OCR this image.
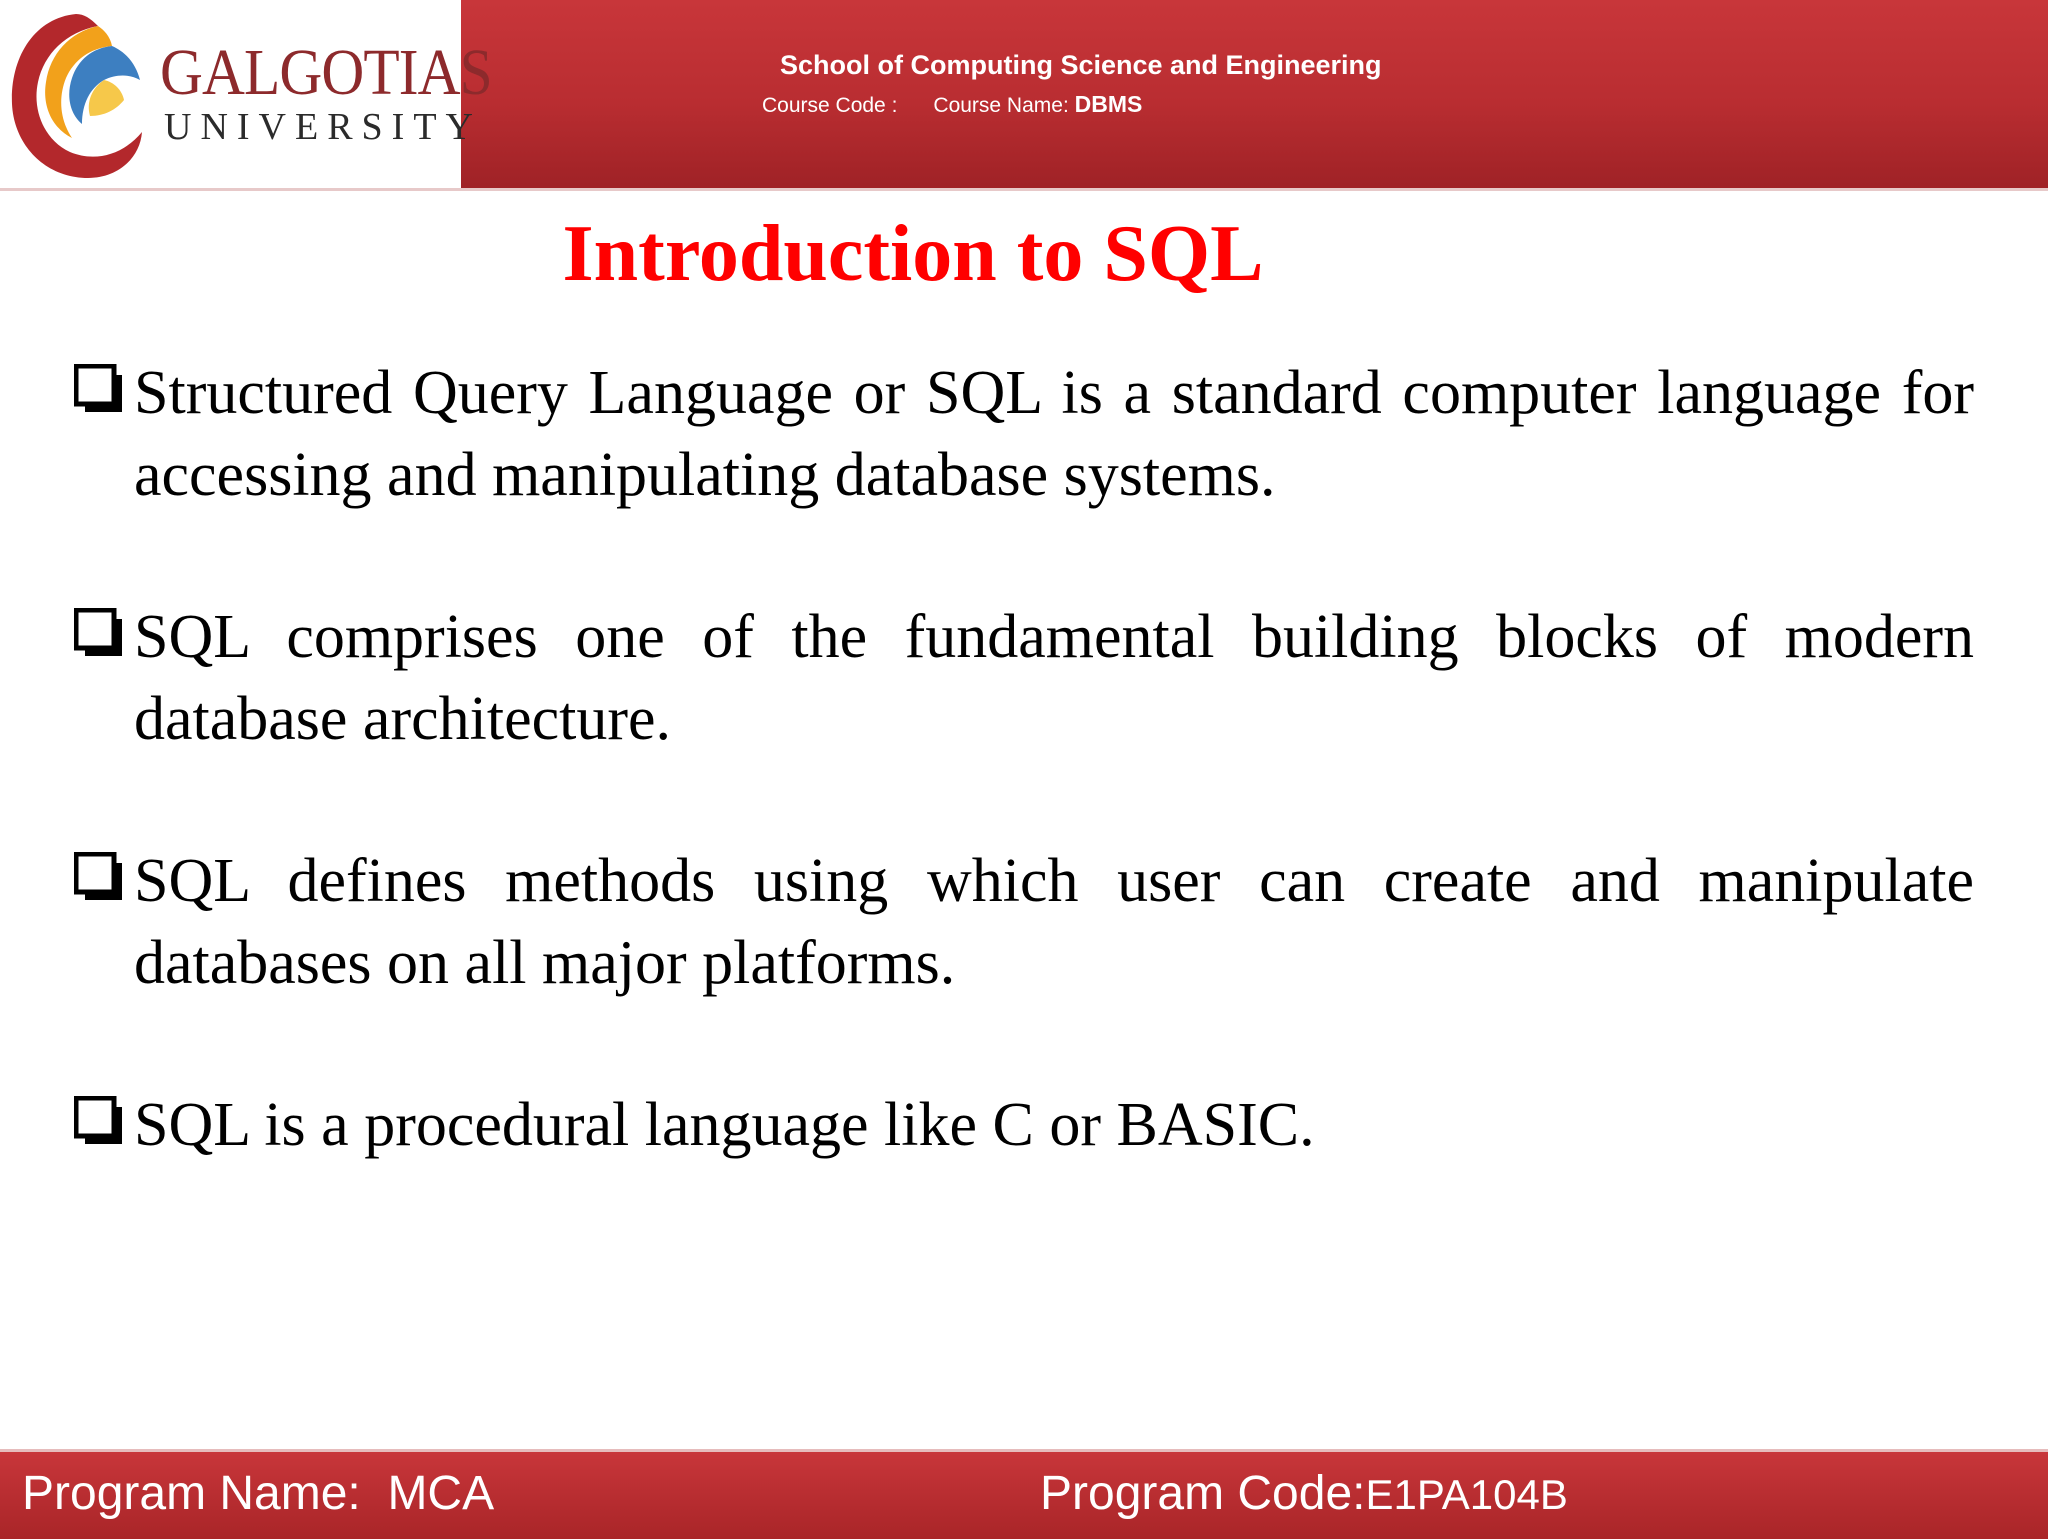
GALGOTIAS
UNIVERSITY
School of Computing Science and Engineering
Course Code : Course Name: DBMS
Introduction to SQL
Structured Query Language or SQL is a standard computer language for accessing and manipulating database systems.
SQL comprises one of the fundamental building blocks of modern database architecture.
SQL defines methods using which user can create and manipulate databases on all major platforms.
SQL is a procedural language like C or BASIC.
Program Name:  MCA	Program Code:E1PA104B
